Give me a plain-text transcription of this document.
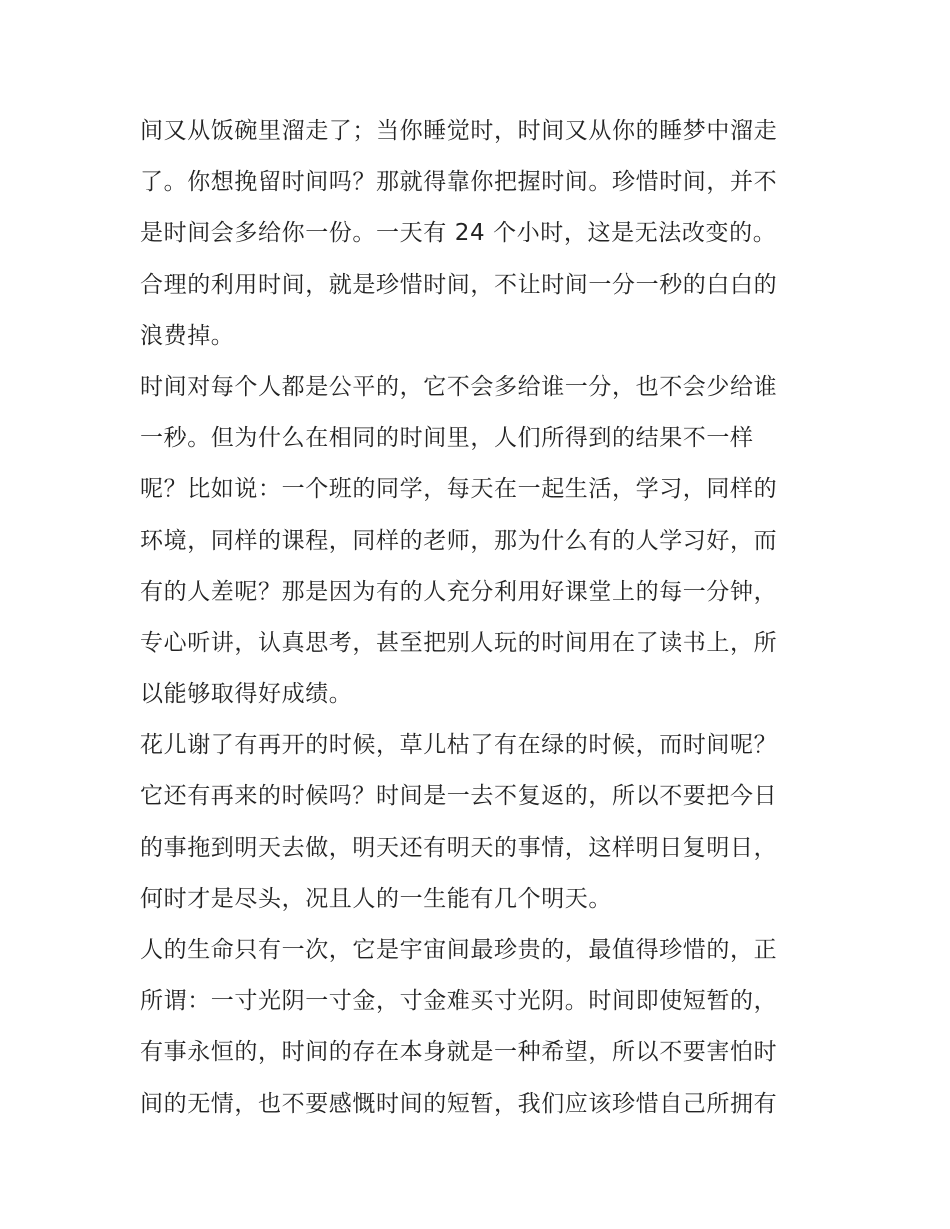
间又从饭碗里溜走了；当你睡觉时，时间又从你的睡梦中溜走
了。你想挽留时间吗？那就得靠你把握时间。珍惜时间，并不
是时间会多给你一份。一天有 24 个小时，这是无法改变的。
合理的利用时间，就是珍惜时间，不让时间一分一秒的白白的
浪费掉。
时间对每个人都是公平的，它不会多给谁一分，也不会少给谁
一秒。但为什么在相同的时间里，人们所得到的结果不一样
呢？比如说：一个班的同学，每天在一起生活，学习，同样的
环境，同样的课程，同样的老师，那为什么有的人学习好，而
有的人差呢？那是因为有的人充分利用好课堂上的每一分钟，
专心听讲，认真思考，甚至把别人玩的时间用在了读书上，所
以能够取得好成绩。
花儿谢了有再开的时候，草儿枯了有在绿的时候，而时间呢？
它还有再来的时候吗？时间是一去不复返的，所以不要把今日
的事拖到明天去做，明天还有明天的事情，这样明日复明日，
何时才是尽头，况且人的一生能有几个明天。
人的生命只有一次，它是宇宙间最珍贵的，最值得珍惜的，正
所谓：一寸光阴一寸金，寸金难买寸光阴。时间即使短暂的，
有事永恒的，时间的存在本身就是一种希望，所以不要害怕时
间的无情，也不要感慨时间的短暂，我们应该珍惜自己所拥有
